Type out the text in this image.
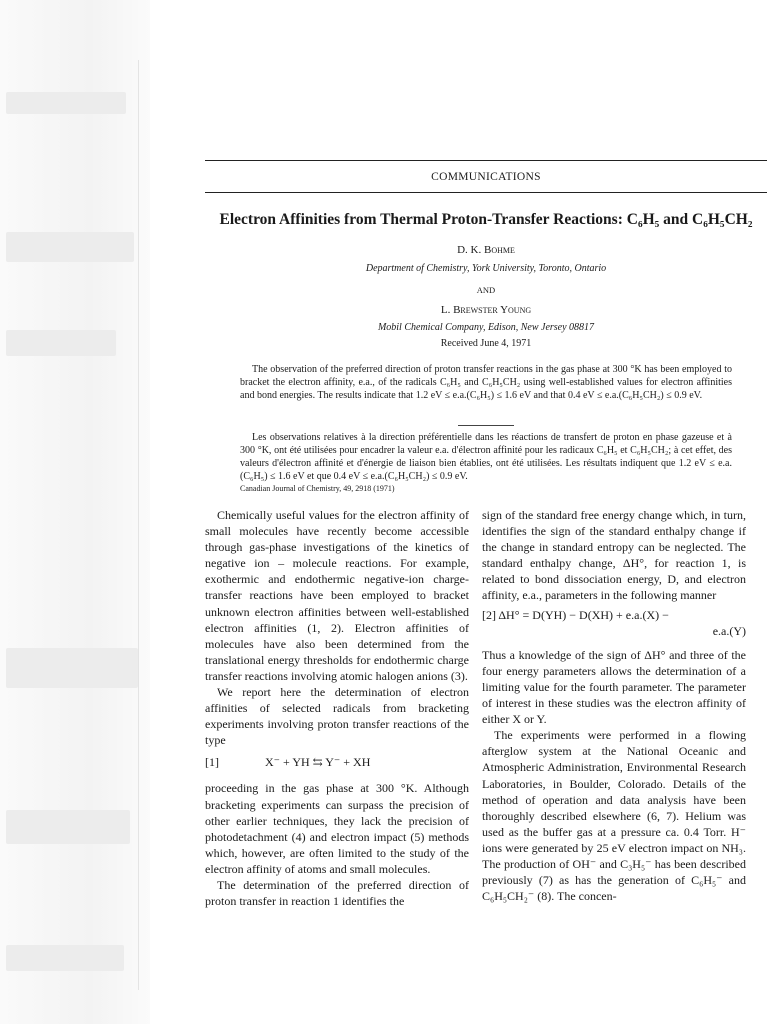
COMMUNICATIONS
Electron Affinities from Thermal Proton-Transfer Reactions: C₆H₅ and C₆H₅CH₂
D. K. Bohme
Department of Chemistry, York University, Toronto, Ontario
AND
L. Brewster Young
Mobil Chemical Company, Edison, New Jersey 08817
Received June 4, 1971
The observation of the preferred direction of proton transfer reactions in the gas phase at 300 °K has been employed to bracket the electron affinity, e.a., of the radicals C₆H₅ and C₆H₅CH₂ using well-established values for electron affinities and bond energies. The results indicate that 1.2 eV ≤ e.a.(C₆H₅) ≤ 1.6 eV and that 0.4 eV ≤ e.a.(C₆H₅CH₂) ≤ 0.9 eV.
Les observations relatives à la direction préférentielle dans les réactions de transfert de proton en phase gazeuse et à 300 °K, ont été utilisées pour encadrer la valeur e.a. d'électron affinité pour les radicaux C₆H₅ et C₆H₅CH₂; à cet effet, des valeurs d'électron affinité et d'énergie de liaison bien établies, ont été utilisées. Les résultats indiquent que 1.2 eV ≤ e.a.(C₆H₅) ≤ 1.6 eV et que 0.4 eV ≤ e.a.(C₆H₅CH₂) ≤ 0.9 eV.
Canadian Journal of Chemistry, 49, 2918 (1971)

Chemically useful values for the electron affinity of small molecules have recently become accessible through gas-phase investigations of the kinetics of negative ion – molecule reactions. For example, exothermic and endothermic negative-ion charge-transfer reactions have been employed to bracket unknown electron affinities between well-established electron affinities (1, 2). Electron affinities of molecules have also been determined from the translational energy thresholds for endothermic charge transfer reactions involving atomic halogen anions (3).

We report here the determination of electron affinities of selected radicals from bracketing experiments involving proton transfer reactions of the type

[1]	X⁻ + YH ⇆ Y⁻ + XH

proceeding in the gas phase at 300 °K. Although bracketing experiments can surpass the precision of other earlier techniques, they lack the precision of photodetachment (4) and electron impact (5) methods which, however, are often limited to the study of the electron affinity of atoms and small molecules.

The determination of the preferred direction of proton transfer in reaction 1 identifies the

sign of the standard free energy change which, in turn, identifies the sign of the standard enthalpy change if the change in standard entropy can be neglected. The standard enthalpy change, ΔH°, for reaction 1, is related to bond dissociation energy, D, and electron affinity, e.a., parameters in the following manner

[2] ΔH° = D(YH) − D(XH) + e.a.(X) −
e.a.(Y)

Thus a knowledge of the sign of ΔH° and three of the four energy parameters allows the determination of a limiting value for the fourth parameter. The parameter of interest in these studies was the electron affinity of either X or Y.

The experiments were performed in a flowing afterglow system at the National Oceanic and Atmospheric Administration, Environmental Research Laboratories, in Boulder, Colorado. Details of the method of operation and data analysis have been thoroughly described elsewhere (6, 7). Helium was used as the buffer gas at a pressure ca. 0.4 Torr. H⁻ ions were generated by 25 eV electron impact on NH₃. The production of OH⁻ and C₃H₅⁻ has been described previously (7) as has the generation of C₆H₅⁻ and C₆H₅CH₂⁻ (8). The concen-
